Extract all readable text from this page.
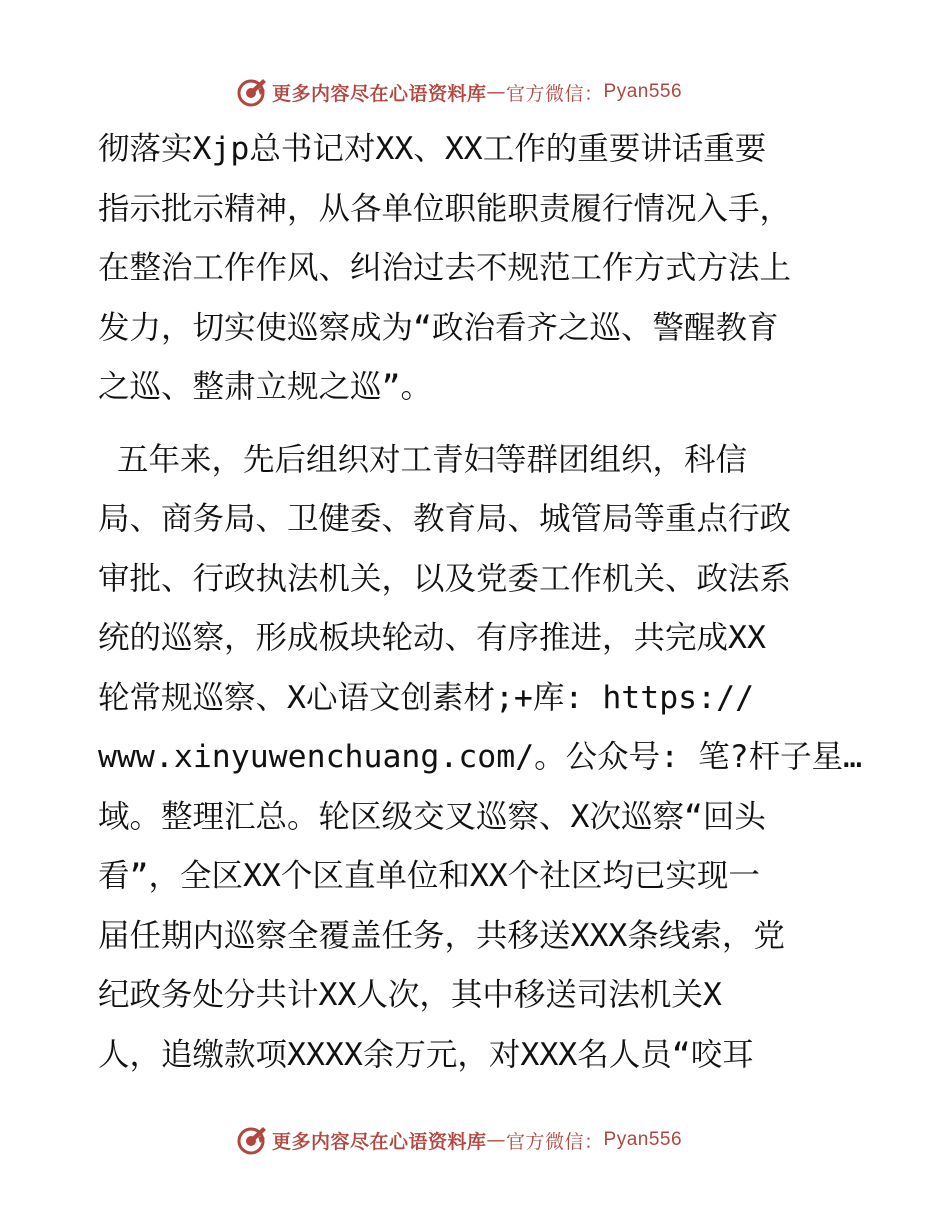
更多内容尽在心语资料库 — 官方微信： Pyan556
彻落实Xjp总书记对XX、XX工作的重要讲话重要
指示批示精神，从各单位职能职责履行情况入手，
在整治工作作风、纠治过去不规范工作方式方法上
发力，切实使巡察成为“政治看齐之巡、警醒教育
之巡、整肃立规之巡”。
五年来，先后组织对工青妇等群团组织，科信
局、商务局、卫健委、教育局、城管局等重点行政
审批、行政执法机关，以及党委工作机关、政法系
统的巡察，形成板块轮动、有序推进，共完成XX
轮常规巡察、X心语文创素材;+库: https://
www.xinyuwenchuang.com/。公众号: 笔?杆子星…
域。整理汇总。轮区级交叉巡察、X次巡察“回头
看”，全区XX个区直单位和XX个社区均已实现一
届任期内巡察全覆盖任务，共移送XXX条线索，党
纪政务处分共计XX人次，其中移送司法机关X
人，追缴款项XXXX余万元，对XXX名人员“咬耳
更多内容尽在心语资料库 — 官方微信： Pyan556
